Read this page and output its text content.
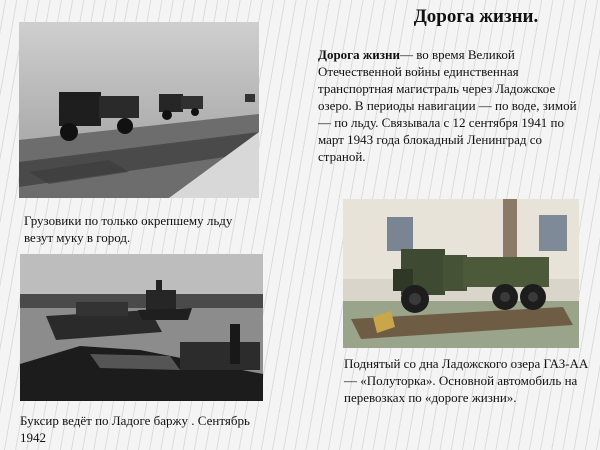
Дорога жизни.
Дорога жизни— во время Великой Отечественной войны единственная транспортная магистраль через Ладожское озеро. В периоды навигации — по воде, зимой — по льду. Связывала с 12 сентября 1941 по март 1943 года блокадный Ленинград со страной.
Грузовики по только окрепшему льду везут муку в город.
Буксир ведёт по Ладоге баржу . Сентябрь 1942
Поднятый со дна Ладожского озера ГАЗ-АА— «Полуторка». Основной автомобиль на перевозках по «дороге жизни».
